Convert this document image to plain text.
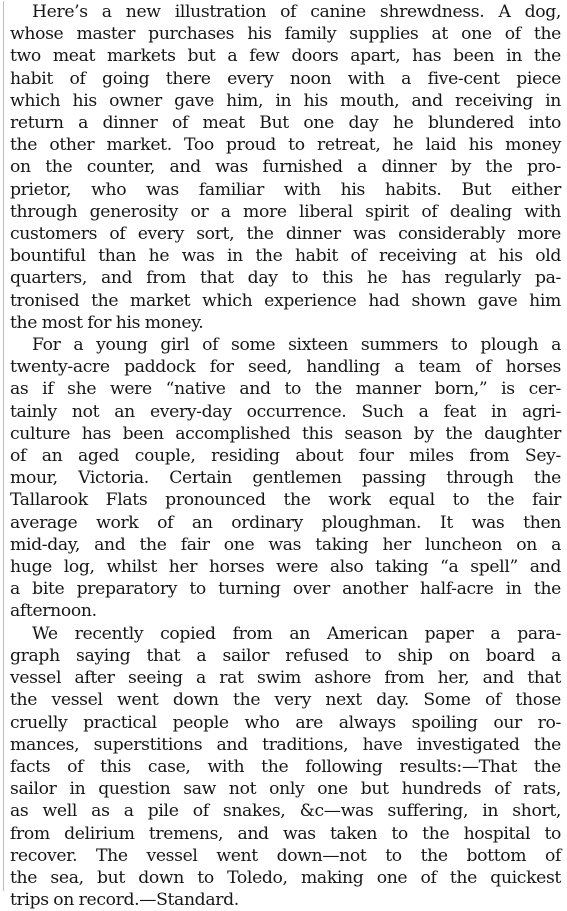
Here’s a new illustration of canine shrewdness. A dog,
whose master purchases his family supplies at one of the
two meat markets but a few doors apart, has been in the
habit of going there every noon with a five-cent piece
which his owner gave him, in his mouth, and receiving in
return a dinner of meat But one day he blundered into
the other market. Too proud to retreat, he laid his money
on the counter, and was furnished a dinner by the pro-
prietor, who was familiar with his habits. But either
through generosity or a more liberal spirit of dealing with
customers of every sort, the dinner was considerably more
bountiful than he was in the habit of receiving at his old
quarters, and from that day to this he has regularly pa-
tronised the market which experience had shown gave him
the most for his money.
For a young girl of some sixteen summers to plough a
twenty-acre paddock for seed, handling a team of horses
as if she were “native and to the manner born,” is cer-
tainly not an every-day occurrence. Such a feat in agri-
culture has been accomplished this season by the daughter
of an aged couple, residing about four miles from Sey-
mour, Victoria. Certain gentlemen passing through the
Tallarook Flats pronounced the work equal to the fair
average work of an ordinary ploughman. It was then
mid-day, and the fair one was taking her luncheon on a
huge log, whilst her horses were also taking “a spell” and
a bite preparatory to turning over another half-acre in the
afternoon.
We recently copied from an American paper a para-
graph saying that a sailor refused to ship on board a
vessel after seeing a rat swim ashore from her, and that
the vessel went down the very next day. Some of those
cruelly practical people who are always spoiling our ro-
mances, superstitions and traditions, have investigated the
facts of this case, with the following results:—That the
sailor in question saw not only one but hundreds of rats,
as well as a pile of snakes, &c—was suffering, in short,
from delirium tremens, and was taken to the hospital to
recover. The vessel went down—not to the bottom of
the sea, but down to Toledo, making one of the quickest
trips on record.—Standard.
